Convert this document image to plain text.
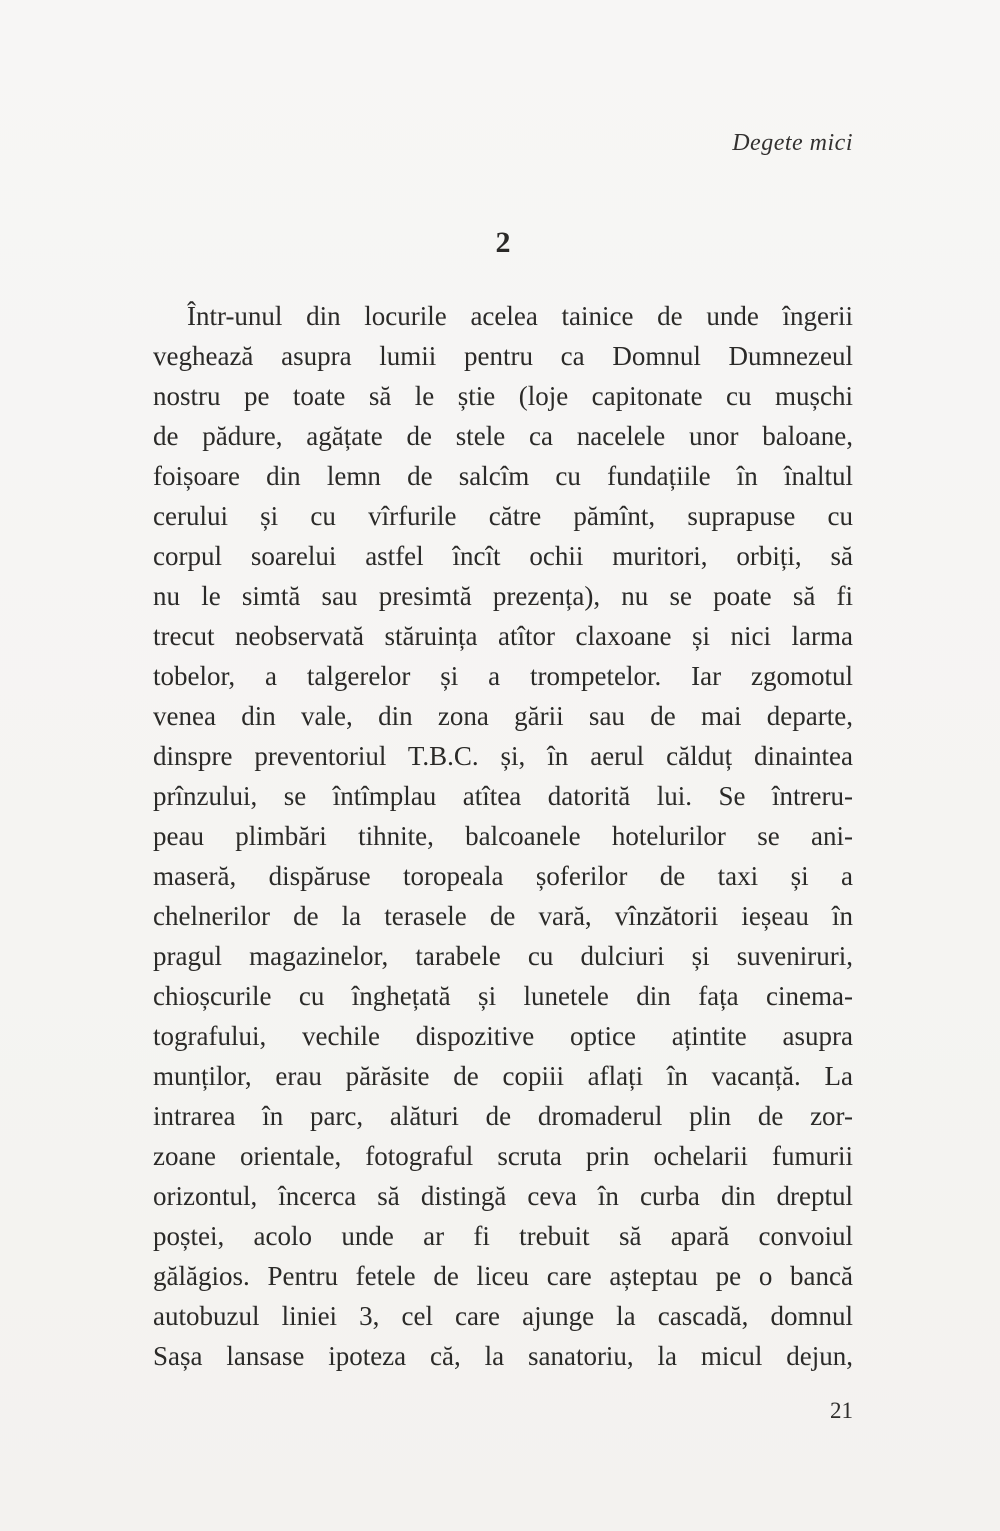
Degete mici
2
Într-unul din locurile acelea tainice de unde îngerii
veghează asupra lumii pentru ca Domnul Dumnezeul
nostru pe toate să le știe (loje capitonate cu mușchi
de pădure, agățate de stele ca nacelele unor baloane,
foișoare din lemn de salcîm cu fundațiile în înaltul
cerului și cu vîrfurile către pămînt, suprapuse cu
corpul soarelui astfel încît ochii muritori, orbiți, să
nu le simtă sau presimtă prezența), nu se poate să fi
trecut neobservată stăruința atîtor claxoane și nici larma
tobelor, a talgerelor și a trompetelor. Iar zgomotul
venea din vale, din zona gării sau de mai departe,
dinspre preventoriul T.B.C. și, în aerul călduț dinaintea
prînzului, se întîmplau atîtea datorită lui. Se întreru-
peau plimbări tihnite, balcoanele hotelurilor se ani-
maseră, dispăruse toropeala șoferilor de taxi și a
chelnerilor de la terasele de vară, vînzătorii ieșeau în
pragul magazinelor, tarabele cu dulciuri și suveniruri,
chioșcurile cu înghețată și lunetele din fața cinema-
tografului, vechile dispozitive optice ațintite asupra
munților, erau părăsite de copiii aflați în vacanță. La
intrarea în parc, alături de dromaderul plin de zor-
zoane orientale, fotograful scruta prin ochelarii fumurii
orizontul, încerca să distingă ceva în curba din dreptul
poștei, acolo unde ar fi trebuit să apară convoiul
gălăgios. Pentru fetele de liceu care așteptau pe o bancă
autobuzul liniei 3, cel care ajunge la cascadă, domnul
Sașa lansase ipoteza că, la sanatoriu, la micul dejun,
21
